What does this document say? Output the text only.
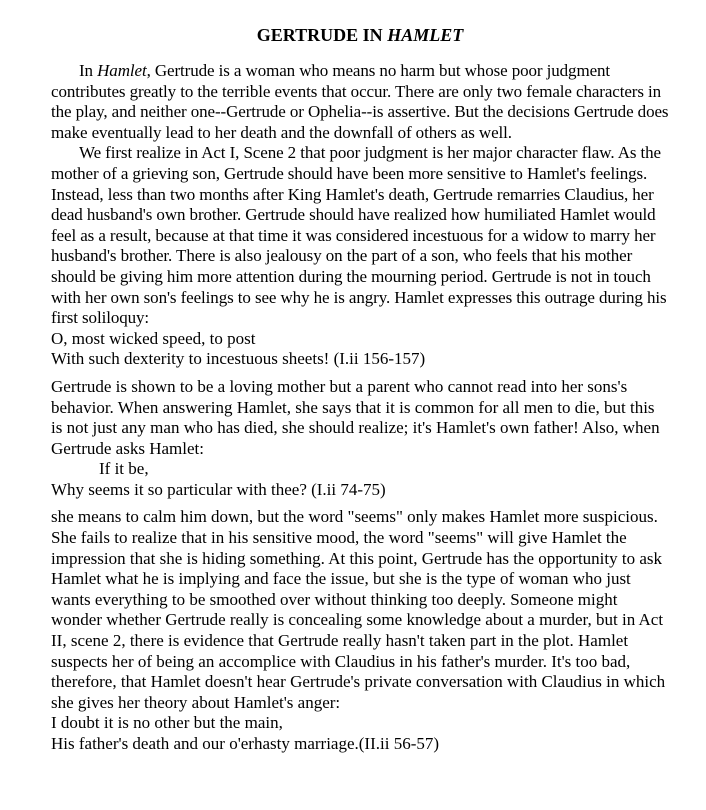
GERTRUDE IN HAMLET

In Hamlet, Gertrude is a woman who means no harm but whose poor judgment contributes greatly to the terrible events that occur. There are only two female characters in the play, and neither one--Gertrude or Ophelia--is assertive. But the decisions Gertrude does make eventually lead to her death and the downfall of others as well.

We first realize in Act I, Scene 2 that poor judgment is her major character flaw. As the mother of a grieving son, Gertrude should have been more sensitive to Hamlet's feelings. Instead, less than two months after King Hamlet's death, Gertrude remarries Claudius, her dead husband's own brother. Gertrude should have realized how humiliated Hamlet would feel as a result, because at that time it was considered incestuous for a widow to marry her husband's brother. There is also jealousy on the part of a son, who feels that his mother should be giving him more attention during the mourning period. Gertrude is not in touch with her own son's feelings to see why he is angry. Hamlet expresses this outrage during his first soliloquy:

O, most wicked speed, to post

With such dexterity to incestuous sheets! (I.ii 156-157)

Gertrude is shown to be a loving mother but a parent who cannot read into her sons's behavior. When answering Hamlet, she says that it is common for all men to die, but this is not just any man who has died, she should realize; it's Hamlet's own father! Also, when Gertrude asks Hamlet:

If it be,

Why seems it so particular with thee? (I.ii 74-75)

she means to calm him down, but the word "seems" only makes Hamlet more suspicious. She fails to realize that in his sensitive mood, the word "seems" will give Hamlet the impression that she is hiding something. At this point, Gertrude has the opportunity to ask Hamlet what he is implying and face the issue, but she is the type of woman who just wants everything to be smoothed over without thinking too deeply. Someone might wonder whether Gertrude really is concealing some knowledge about a murder, but in Act II, scene 2, there is evidence that Gertrude really hasn't taken part in the plot. Hamlet suspects her of being an accomplice with Claudius in his father's murder. It's too bad, therefore, that Hamlet doesn't hear Gertrude's private conversation with Claudius in which she gives her theory about Hamlet's anger:

I doubt it is no other but the main,

His father's death and our o'erhasty marriage.(II.ii 56-57)
